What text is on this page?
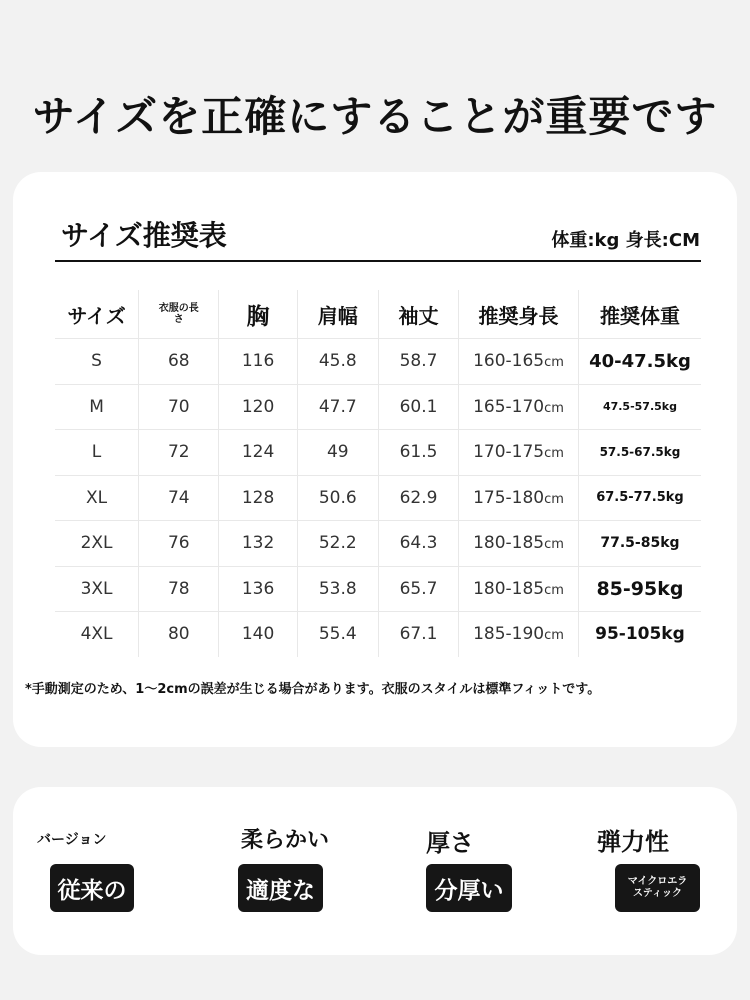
サイズを正確にすることが重要です
サイズ推奨表	体重:kg 身長:CM
サイズ	衣服の長さ	胸	肩幅	袖丈	推奨身長	推奨体重
S	68	116	45.8	58.7	160-165cm	40-47.5kg
M	70	120	47.7	60.1	165-170cm	47.5-57.5kg
L	72	124	49	61.5	170-175cm	57.5-67.5kg
XL	74	128	50.6	62.9	175-180cm	67.5-77.5kg
2XL	76	132	52.2	64.3	180-185cm	77.5-85kg
3XL	78	136	53.8	65.7	180-185cm	85-95kg
4XL	80	140	55.4	67.1	185-190cm	95-105kg
*手動測定のため、1～2cmの誤差が生じる場合があります。衣服のスタイルは標準フィットです。
バージョン
従来の
柔らかい
適度な
厚さ
分厚い
弾力性
マイクロエラスティック
